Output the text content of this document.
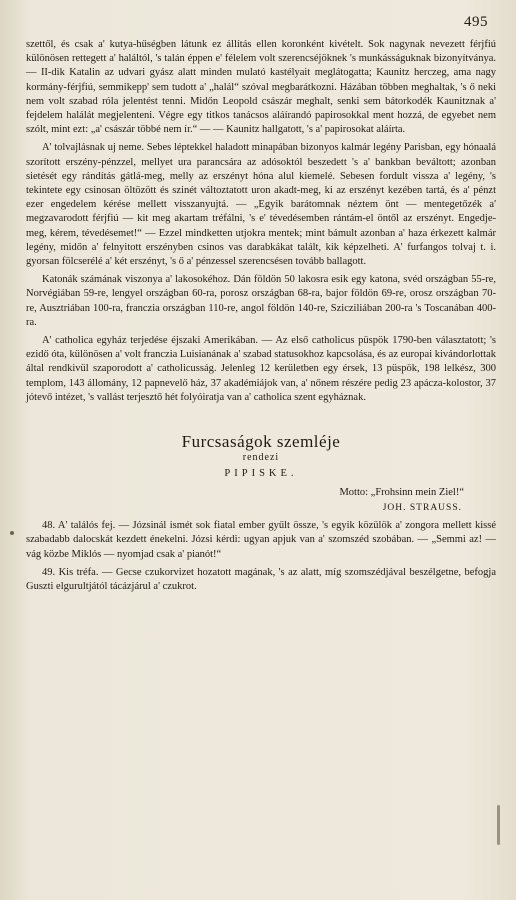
495

szettől, és csak a' kutya-hűségben látunk ez állítás ellen koronként kivételt. Sok nagynak nevezett férjfiú különösen rettegett a' haláltól, 's talán éppen e' félelem volt szerencséjöknek 's munkásságuknak bizonyítványa. — II-dik Katalin az udvari gyász alatt minden mulató kastélyait meglátogatta; Kaunitz herczeg, ama nagy kormány-férjfiú, semmikepp' sem tudott a' „halál“ szóval megbarátkozni. Házában többen meghaltak, 's ő neki nem volt szabad róla jelentést tenni. Midőn Leopold császár meghalt, senki sem bátorkodék Kaunitznak a' fejdelem halálát megjelenteni. Végre egy titkos tanácsos aláírandó papirosokkal ment hozzá, de egyebet nem szólt, mint ezt: „a' császár többé nem ír.“ — — Kaunitz hallgatott, 's a' papirosokat aláírta.

A' tolvajlásnak uj neme. Sebes léptekkel haladott minapában bizonyos kalmár legény Parisban, egy hónaalá szorított erszény-pénzzel, mellyet ura parancsára az adósoktól beszedett 's a' bankban beváltott; azonban sietését egy rándítás gátlá-meg, melly az erszényt hóna alul kiemelé. Sebesen fordult vissza a' legény, 's tekintete egy csinosan öltözött és szinét változtatott uron akadt-meg, ki az erszényt kezében tartá, és a' pénzt ezer engedelem kérése mellett visszanyujtá. — „Egyik barátomnak néztem önt — mentegetőzék a' megzavarodott férjfiú — kit meg akartam tréfálni, 's e' tévedésemben rántám-el öntől az erszényt. Engedje-meg, kérem, tévedésemet!“ — Ezzel mindketten utjokra mentek; mint bámult azonban a' haza érkezett kalmár legény, midőn a' felnyitott erszényben csinos vas darabkákat talált, kik képzelheti. A' furfangos tolvaj t. i. gyorsan fölcserélé a' két erszényt, 's ő a' pénzessel szerencsésen tovább ballagott.

Katonák számának viszonya a' lakosokéhoz. Dán földön 50 lakosra esik egy katona, svéd országban 55-re, Norvégiában 59-re, lengyel országban 60-ra, porosz országban 68-ra, bajor földön 69-re, orosz országban 70-re, Ausztriában 100-ra, franczia országban 110-re, angol földön 140-re, Szicziliában 200-ra 's Toscanában 400-ra.

A' catholica egyház terjedése éjszaki Amerikában. — Az első catholicus püspök 1790-ben választatott; 's ezidő óta, különösen a' volt franczia Luisianának a' szabad statusokhoz kapcsolása, és az europai kivándorlottak által rendkivül szaporodott a' catholicusság. Jelenleg 12 kerületben egy érsek, 13 püspök, 198 lelkész, 300 templom, 143 állomány, 12 papnevelő ház, 37 akadémiájok van, a' nőnem részére pedig 23 apácza-kolostor, 37 jótevő intézet, 's vallást terjesztő hét folyóiratja van a' catholica szent egyháznak.

Furcsaságok szemléje
rendezi
PIPISKE.
Motto: „Frohsinn mein Ziel!“
JOH. STRAUSS.

48. A' találós fej. — Józsinál ismét sok fiatal ember gyűlt össze, 's egyik közülök a' zongora mellett kissé szabadabb dalocskát kezdett énekelni. Józsi kérdi: ugyan apjuk van a' szomszéd szobában. — „Semmi az! — vág közbe Miklós — nyomjad csak a' pianót!“

49. Kis tréfa. — Gecse czukorvizet hozatott magának, 's az alatt, míg szomszédjával beszélgetne, befogja Guszti elgurultjától tácázjárul a' czukrot.
